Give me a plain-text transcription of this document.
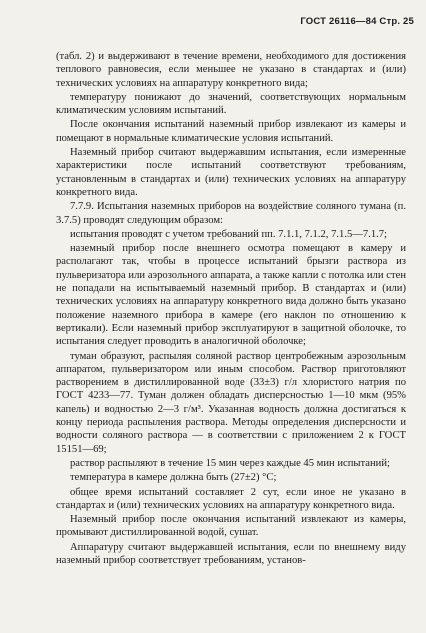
ГОСТ 26116—84 Стр. 25

(табл. 2) и выдерживают в течение времени, необходимого для достижения теплового равновесия, если меньшее не указано в стандартах и (или) технических условиях на аппаратуру конкретного вида;

температуру понижают до значений, соответствующих нормальным климатическим условиям испытаний.

После окончания испытаний наземный прибор извлекают из камеры и помещают в нормальные климатические условия испытаний.

Наземный прибор считают выдержавшим испытания, если измеренные характеристики после испытаний соответствуют требованиям, установленным в стандартах и (или) технических условиях на аппаратуру конкретного вида.

7.7.9. Испытания наземных приборов на воздействие соляного тумана (п. 3.7.5) проводят следующим образом:

испытания проводят с учетом требований пп. 7.1.1, 7.1.2, 7.1.5—7.1.7;

наземный прибор после внешнего осмотра помещают в камеру и располагают так, чтобы в процессе испытаний брызги раствора из пульверизатора или аэрозольного аппарата, а также капли с потолка или стен не попадали на испытываемый наземный прибор. В стандартах и (или) технических условиях на аппаратуру конкретного вида должно быть указано положение наземного прибора в камере (его наклон по отношению к вертикали). Если наземный прибор эксплуатируют в защитной оболочке, то испытания следует проводить в аналогичной оболочке;

туман образуют, распыляя соляной раствор центробежным аэрозольным аппаратом, пульверизатором или иным способом. Раствор приготовляют растворением в дистиллированной воде (33±3) г/л хлористого натрия по ГОСТ 4233—77. Туман должен обладать дисперсностью 1—10 мкм (95% капель) и водностью 2—3 г/м³. Указанная водность должна достигаться к концу периода распыления раствора. Методы определения дисперсности и водности соляного раствора — в соответствии с приложением 2 к ГОСТ 15151—69;

раствор распыляют в течение 15 мин через каждые 45 мин испытаний;

температура в камере должна быть (27±2) °С;

общее время испытаний составляет 2 сут, если иное не указано в стандартах и (или) технических условиях на аппаратуру конкретного вида.

Наземный прибор после окончания испытаний извлекают из камеры, промывают дистиллированной водой, сушат.

Аппаратуру считают выдержавшей испытания, если по внешнему виду наземный прибор соответствует требованиям, установ-
